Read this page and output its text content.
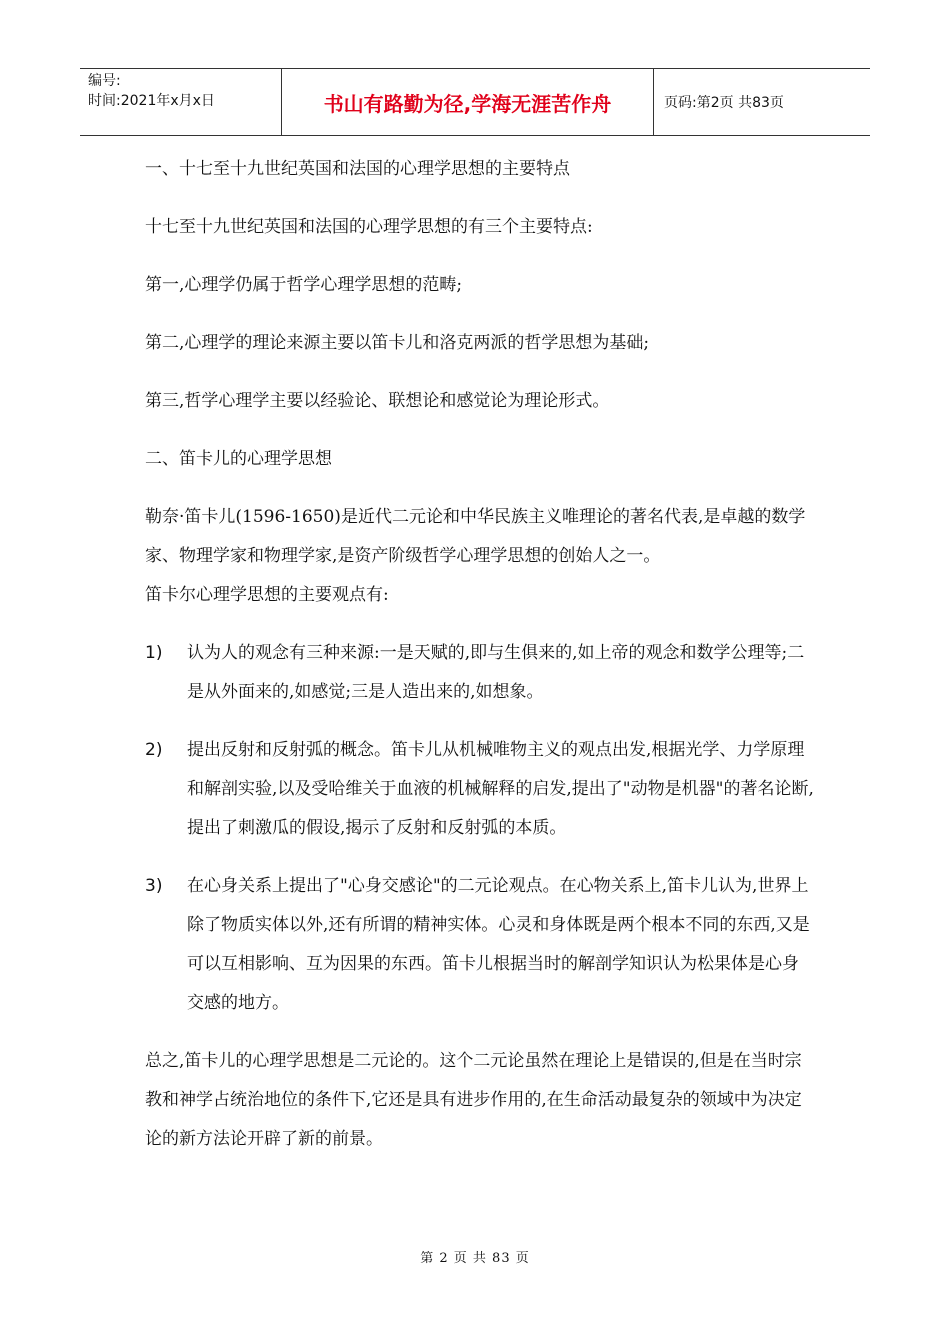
编号:
时间:2021年x月x日	书山有路勤为径,学海无涯苦作舟	页码:第2页 共83页

一、十七至十九世纪英国和法国的心理学思想的主要特点

十七至十九世纪英国和法国的心理学思想的有三个主要特点:

第一,心理学仍属于哲学心理学思想的范畴;

第二,心理学的理论来源主要以笛卡儿和洛克两派的哲学思想为基础;

第三,哲学心理学主要以经验论、联想论和感觉论为理论形式。

二、笛卡儿的心理学思想

勒奈·笛卡儿(1596-1650)是近代二元论和中华民族主义唯理论的著名代表,是卓越的数学家、物理学家和物理学家,是资产阶级哲学心理学思想的创始人之一。

笛卡尔心理学思想的主要观点有:

1)	认为人的观念有三种来源:一是天赋的,即与生俱来的,如上帝的观念和数学公理等;二是从外面来的,如感觉;三是人造出来的,如想象。
2)	提出反射和反射弧的概念。笛卡儿从机械唯物主义的观点出发,根据光学、力学原理和解剖实验,以及受哈维关于血液的机械解释的启发,提出了"动物是机器"的著名论断,提出了刺激瓜的假设,揭示了反射和反射弧的本质。
3)	在心身关系上提出了"心身交感论"的二元论观点。在心物关系上,笛卡儿认为,世界上除了物质实体以外,还有所谓的精神实体。心灵和身体既是两个根本不同的东西,又是可以互相影响、互为因果的东西。笛卡儿根据当时的解剖学知识认为松果体是心身交感的地方。

总之,笛卡儿的心理学思想是二元论的。这个二元论虽然在理论上是错误的,但是在当时宗教和神学占统治地位的条件下,它还是具有进步作用的,在生命活动最复杂的领域中为决定论的新方法论开辟了新的前景。

第 2 页 共 83 页
